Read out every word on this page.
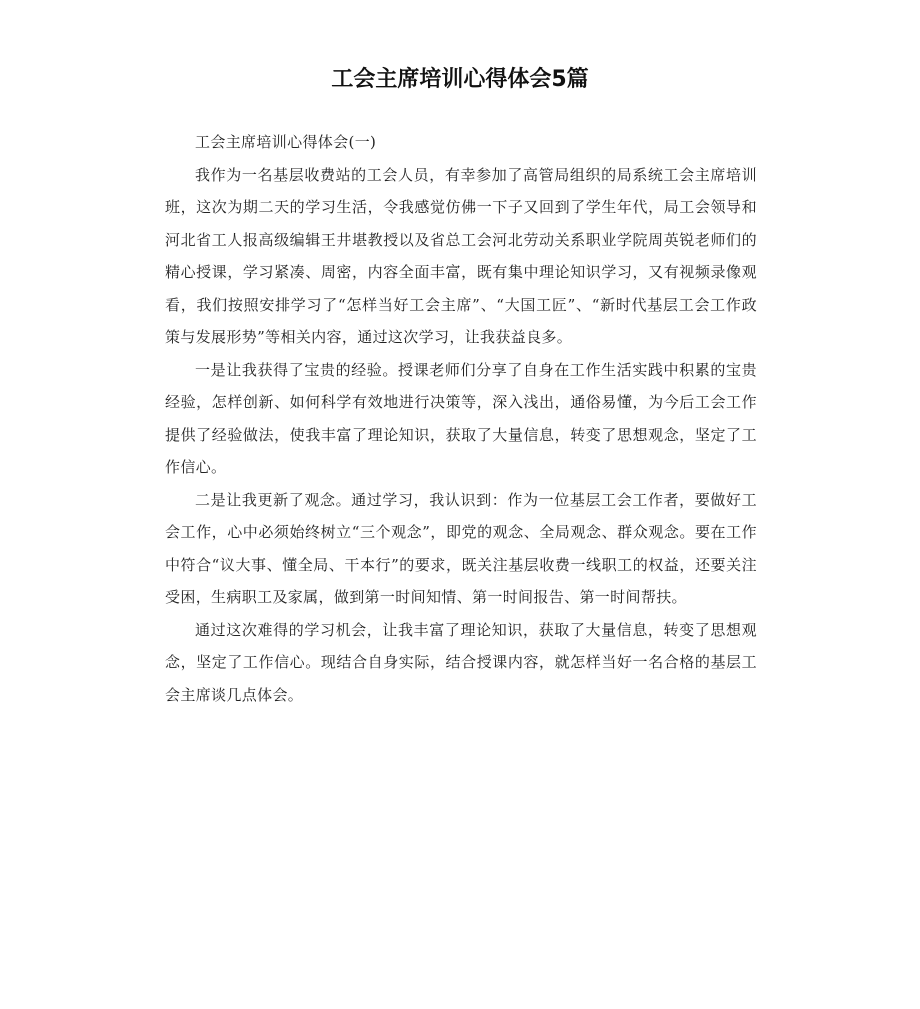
工会主席培训心得体会5篇

工会主席培训心得体会(一)

我作为一名基层收费站的工会人员，有幸参加了高管局组织的局系统工会主席培训班，这次为期二天的学习生活，令我感觉仿佛一下子又回到了学生年代，局工会领导和河北省工人报高级编辑王井堪教授以及省总工会河北劳动关系职业学院周英锐老师们的精心授课，学习紧凑、周密，内容全面丰富，既有集中理论知识学习，又有视频录像观看，我们按照安排学习了“怎样当好工会主席”、“大国工匠”、“新时代基层工会工作政策与发展形势”等相关内容，通过这次学习，让我获益良多。

一是让我获得了宝贵的经验。授课老师们分享了自身在工作生活实践中积累的宝贵经验，怎样创新、如何科学有效地进行决策等，深入浅出，通俗易懂，为今后工会工作提供了经验做法，使我丰富了理论知识，获取了大量信息，转变了思想观念，坚定了工作信心。

二是让我更新了观念。通过学习，我认识到：作为一位基层工会工作者，要做好工会工作，心中必须始终树立“三个观念”，即党的观念、全局观念、群众观念。要在工作中符合“议大事、懂全局、干本行”的要求，既关注基层收费一线职工的权益，还要关注受困，生病职工及家属，做到第一时间知情、第一时间报告、第一时间帮扶。

通过这次难得的学习机会，让我丰富了理论知识，获取了大量信息，转变了思想观念，坚定了工作信心。现结合自身实际，结合授课内容，就怎样当好一名合格的基层工会主席谈几点体会。
